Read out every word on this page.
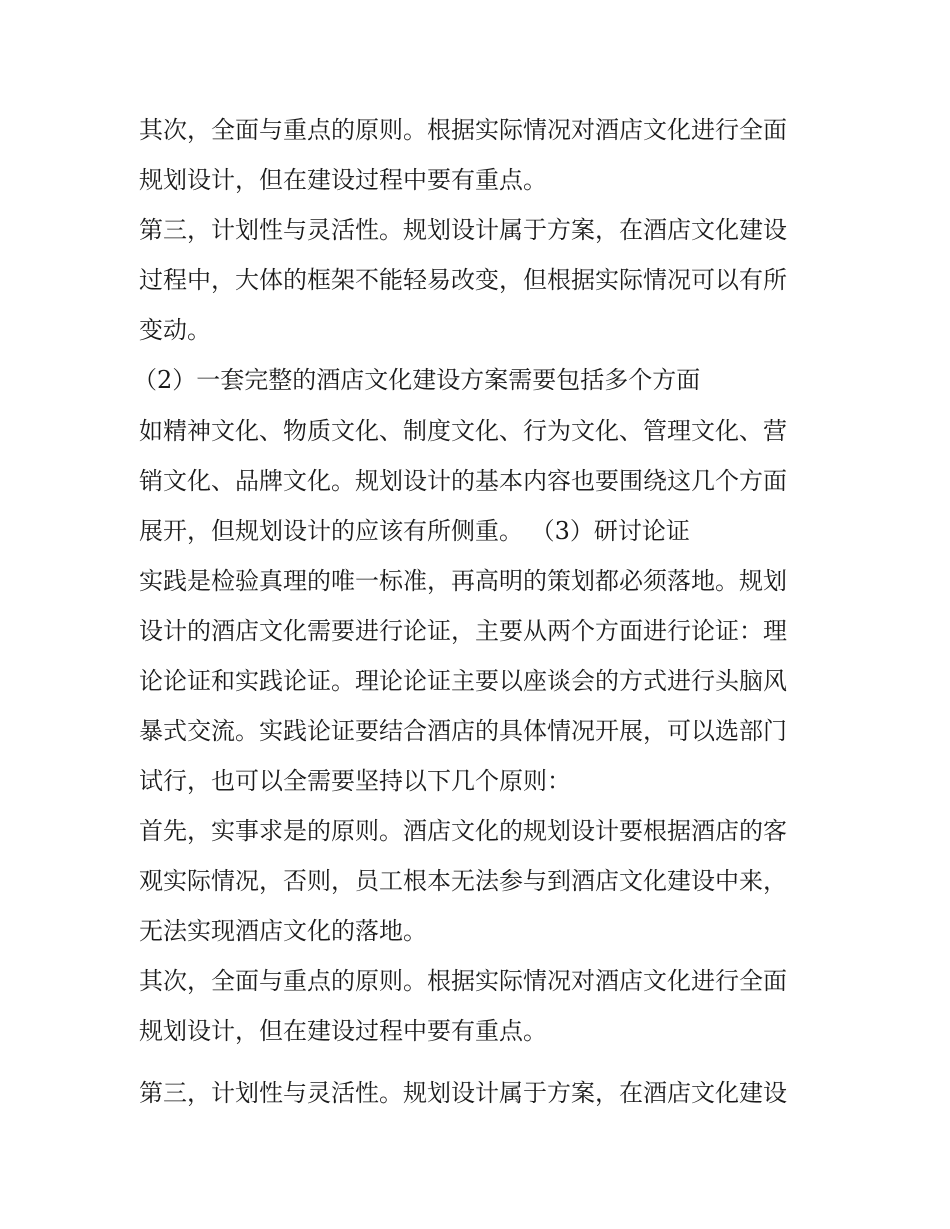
其次，全面与重点的原则。根据实际情况对酒店文化进行全面
规划设计，但在建设过程中要有重点。
第三，计划性与灵活性。规划设计属于方案，在酒店文化建设
过程中，大体的框架不能轻易改变，但根据实际情况可以有所
变动。
（2）一套完整的酒店文化建设方案需要包括多个方面
如精神文化、物质文化、制度文化、行为文化、管理文化、营
销文化、品牌文化。规划设计的基本内容也要围绕这几个方面
展开，但规划设计的应该有所侧重。 （3）研讨论证
实践是检验真理的唯一标准，再高明的策划都必须落地。规划
设计的酒店文化需要进行论证，主要从两个方面进行论证：理
论论证和实践论证。理论论证主要以座谈会的方式进行头脑风
暴式交流。实践论证要结合酒店的具体情况开展，可以选部门
试行，也可以全需要坚持以下几个原则：
首先，实事求是的原则。酒店文化的规划设计要根据酒店的客
观实际情况，否则，员工根本无法参与到酒店文化建设中来，
无法实现酒店文化的落地。
其次，全面与重点的原则。根据实际情况对酒店文化进行全面
规划设计，但在建设过程中要有重点。
第三，计划性与灵活性。规划设计属于方案，在酒店文化建设
